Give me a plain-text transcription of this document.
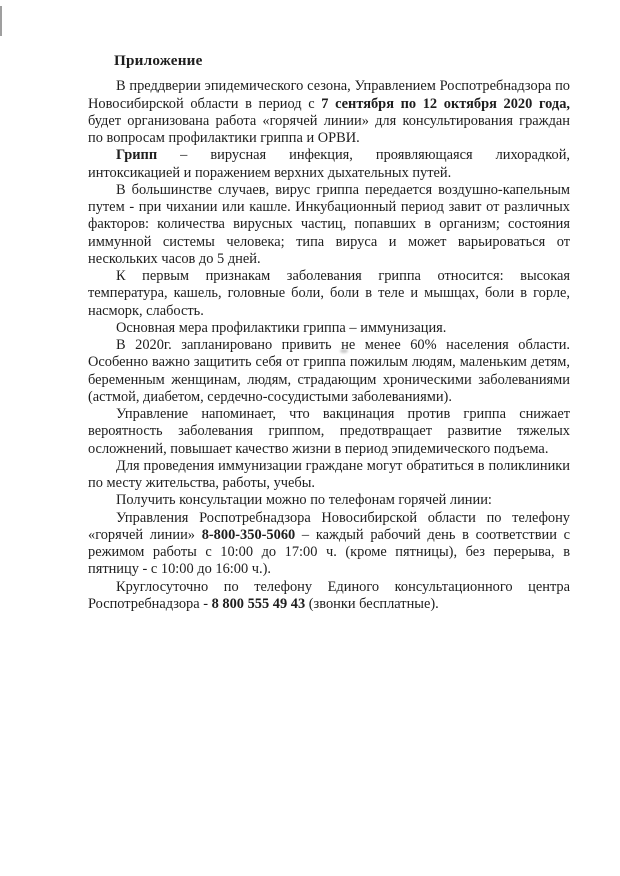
Приложение
В преддверии эпидемического сезона, Управлением Роспотребнадзора по
Новосибирской области в период с 7 сентября по 12 октября 2020 года,
будет организована работа «горячей линии» для консультирования граждан
по вопросам профилактики гриппа и ОРВИ.
Грипп – вирусная инфекция, проявляющаяся лихорадкой,
интоксикацией и поражением верхних дыхательных путей.
В большинстве случаев, вирус гриппа передается воздушно-капельным
путем - при чихании или кашле. Инкубационный период завит от различных
факторов: количества вирусных частиц, попавших в организм; состояния
иммунной системы человека; типа вируса и может варьироваться от
нескольких часов до 5 дней.
К первым признакам заболевания гриппа относится: высокая
температура, кашель, головные боли, боли в теле и мышцах, боли в горле,
насморк, слабость.
Основная мера профилактики гриппа – иммунизация.
В 2020г. запланировано привить не менее 60% населения области.
Особенно важно защитить себя от гриппа пожилым людям, маленьким детям,
беременным женщинам, людям, страдающим хроническими заболеваниями
(астмой, диабетом, сердечно-сосудистыми заболеваниями).
Управление напоминает, что вакцинация против гриппа снижает
вероятность заболевания гриппом, предотвращает развитие тяжелых
осложнений, повышает качество жизни в период эпидемического подъема.
Для проведения иммунизации граждане могут обратиться в поликлиники
по месту жительства, работы, учебы.
Получить консультации можно по телефонам горячей линии:
Управления Роспотребнадзора Новосибирской области по телефону
«горячей линии» 8-800-350-5060 – каждый рабочий день в соответствии с
режимом работы с 10:00 до 17:00 ч. (кроме пятницы), без перерыва, в
пятницу - с 10:00 до 16:00 ч.).
Круглосуточно по телефону Единого консультационного центра
Роспотребнадзора - 8 800 555 49 43 (звонки бесплатные).
